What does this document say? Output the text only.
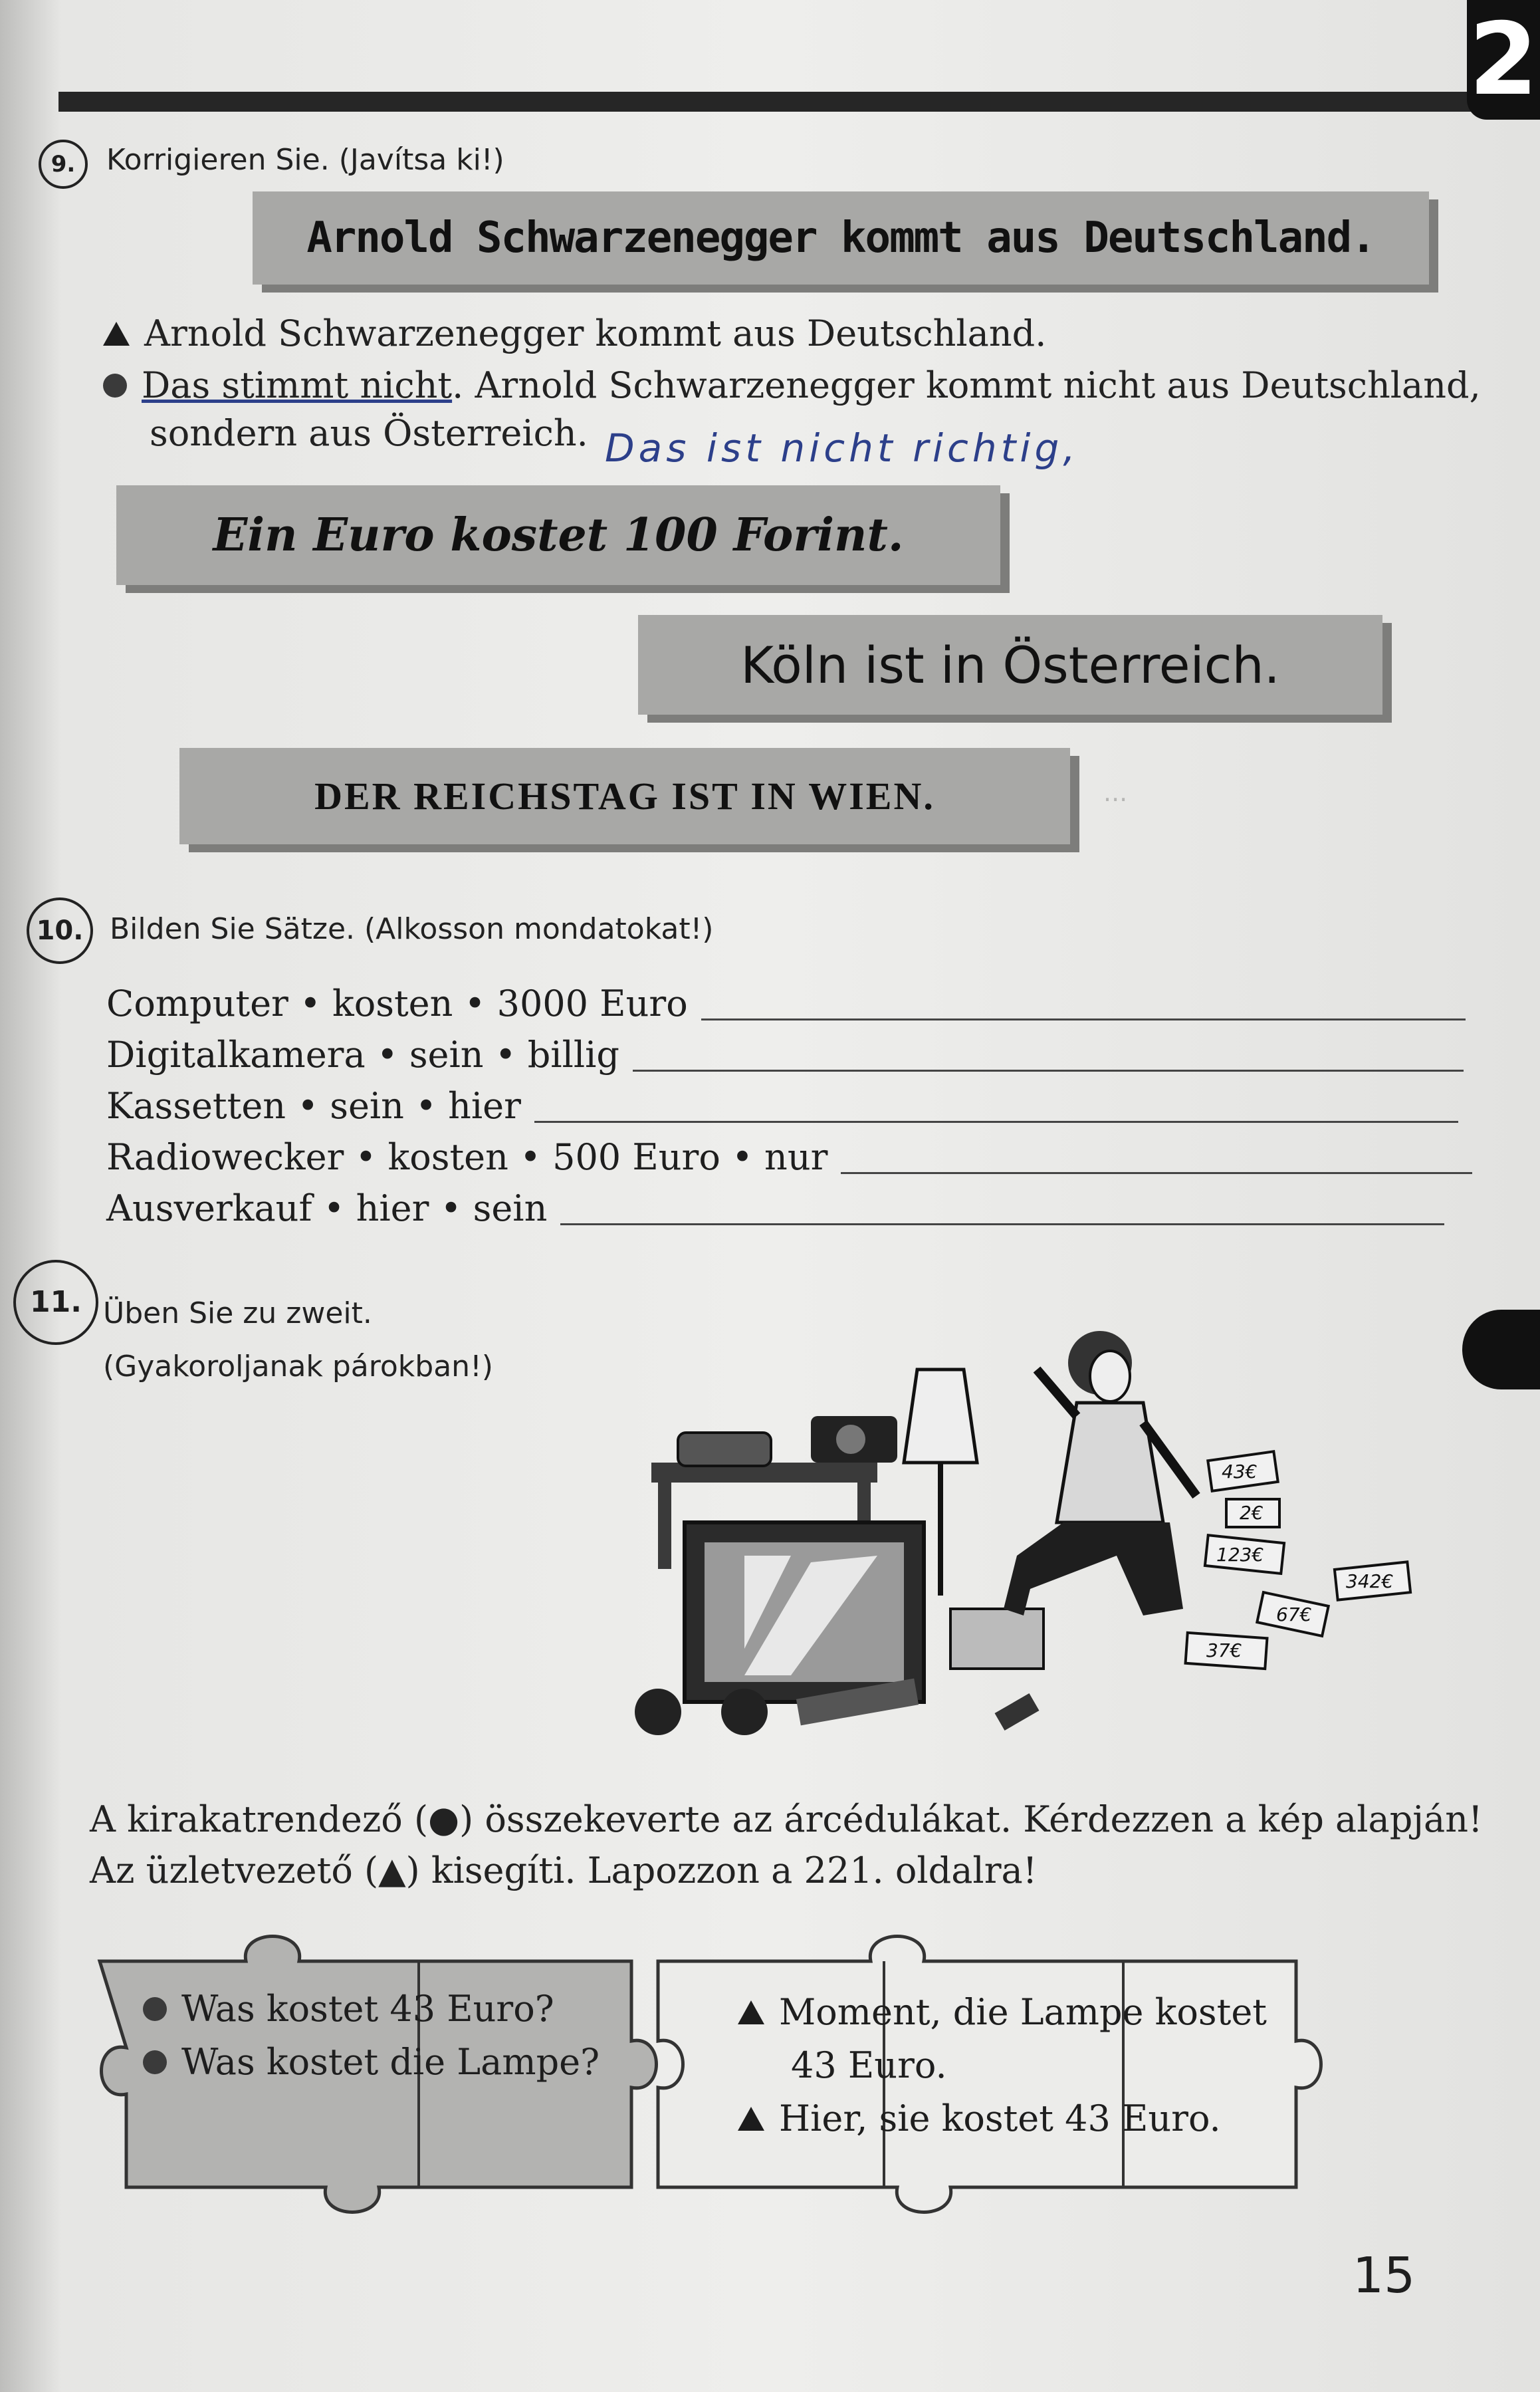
...
2
9.	Korrigieren Sie. (Javítsa ki!)
Arnold Schwarzenegger kommt aus Deutschland.
Arnold Schwarzenegger kommt aus Deutschland.
Das stimmt nicht. Arnold Schwarzenegger kommt nicht aus Deutschland,
sondern aus Österreich. Das ist nicht richtig,
Ein Euro kostet 100 Forint.
Köln ist in Österreich.
DER REICHSTAG IST IN WIEN.
10. Bilden Sie Sätze. (Alkosson mondatokat!)
Computer • kosten • 3000 Euro
Digitalkamera • sein • billig
Kassetten • sein • hier
Radiowecker • kosten • 500 Euro • nur
Ausverkauf • hier • sein
11. Üben Sie zu zweit.
(Gyakoroljanak párokban!)
43€
2€
123€
342€
67€
37€
A kirakatrendező (●) összekeverte az árcédulákat. Kérdezzen a kép alapján!
Az üzletvezető (▲) kisegíti. Lapozzon a 221. oldalra!
Was kostet 43 Euro?
Was kostet die Lampe?
Moment, die Lampe kostet
43 Euro.
Hier, sie kostet 43 Euro.
15
